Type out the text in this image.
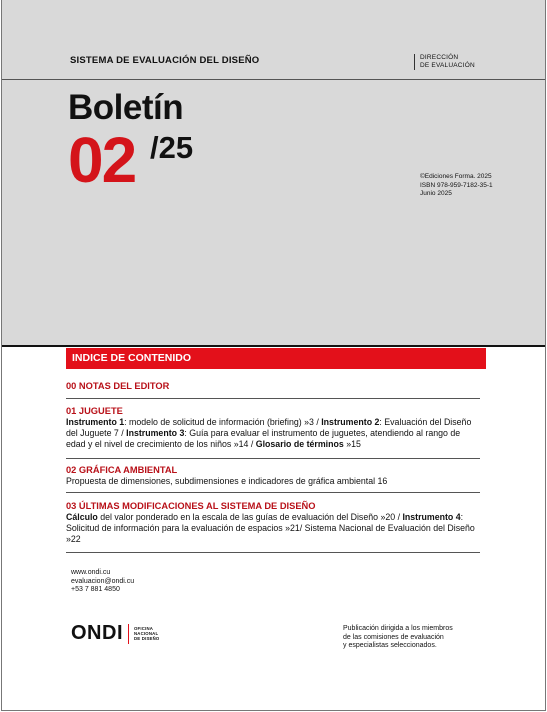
SISTEMA DE EVALUACIÓN DEL DISEÑO	DIRECCIÓN
DE EVALUACIÓN
Boletín
02 /25
©Ediciones Forma. 2025
ISBN 978-959-7182-35-1
Junio 2025
INDICE DE CONTENIDO
00 NOTAS DEL EDITOR
01 JUGUETE
Instrumento 1: modelo de solicitud de información (briefing) »3 / Instrumento 2: Evaluación del Diseño del Juguete 7 / Instrumento 3: Guía para evaluar el instrumento de juguetes, atendiendo al rango de edad y el nivel de crecimiento de los niños »14 / Glosario de términos »15
02 GRÁFICA AMBIENTAL
Propuesta de dimensiones, subdimensiones e indicadores de gráfica ambiental 16
03 ÚLTIMAS MODIFICACIONES AL SISTEMA DE DISEÑO
Cálculo del valor ponderado en la escala de las guías de evaluación del Diseño »20 / Instrumento 4: Solicitud de información para la evaluación de espacios »21/ Sistema Nacional de Evaluación del Diseño »22
www.ondi.cu
evaluacion@ondi.cu
+53 7 881 4850
ONDI	OFICINA
NACIONAL
DE DISEÑO
Publicación dirigida a los miembros
de las comisiones de evaluación
y especialistas seleccionados.
